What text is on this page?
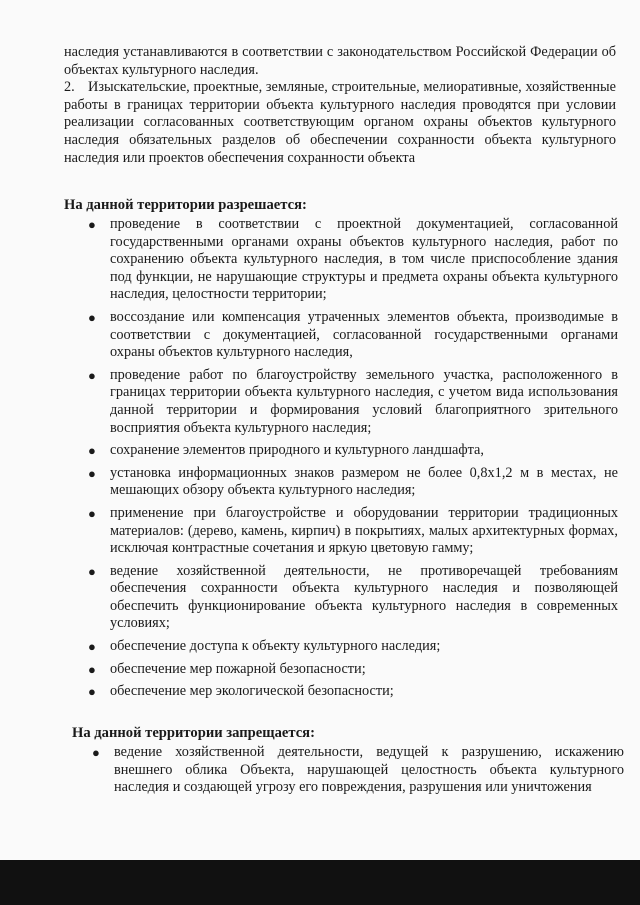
наследия устанавливаются в соответствии с законодательством Российской Федерации об объектах культурного наследия.

2. Изыскательские, проектные, земляные, строительные, мелиоративные, хозяйственные работы в границах территории объекта культурного наследия проводятся при условии реализации согласованных соответствующим органом охраны объектов культурного наследия обязательных разделов об обеспечении сохранности объекта культурного наследия или проектов обеспечения сохранности объекта

На данной территории разрешается:
● проведение в соответствии с проектной документацией, согласованной государственными органами охраны объектов культурного наследия, работ по сохранению объекта культурного наследия, в том числе приспособление здания под функции, не нарушающие структуры и предмета охраны объекта культурного наследия, целостности территории;
● воссоздание или компенсация утраченных элементов объекта, производимые в соответствии с документацией, согласованной государственными органами охраны объектов культурного наследия,
● проведение работ по благоустройству земельного участка, расположенного в границах территории объекта культурного наследия, с учетом вида использования данной территории и формирования условий благоприятного зрительного восприятия объекта культурного наследия;
● сохранение элементов природного и культурного ландшафта,
● установка информационных знаков размером не более 0,8х1,2 м в местах, не мешающих обзору объекта культурного наследия;
● применение при благоустройстве и оборудовании территории традиционных материалов: (дерево, камень, кирпич) в покрытиях, малых архитектурных формах, исключая контрастные сочетания и яркую цветовую гамму;
● ведение хозяйственной деятельности, не противоречащей требованиям обеспечения сохранности объекта культурного наследия и позволяющей обеспечить функционирование объекта культурного наследия в современных условиях;
● обеспечение доступа к объекту культурного наследия;
● обеспечение мер пожарной безопасности;
● обеспечение мер экологической безопасности;
На данной территории запрещается:
● ведение хозяйственной деятельности, ведущей к разрушению, искажению внешнего облика Объекта, нарушающей целостность объекта культурного наследия и создающей угрозу его повреждения, разрушения или уничтожения
